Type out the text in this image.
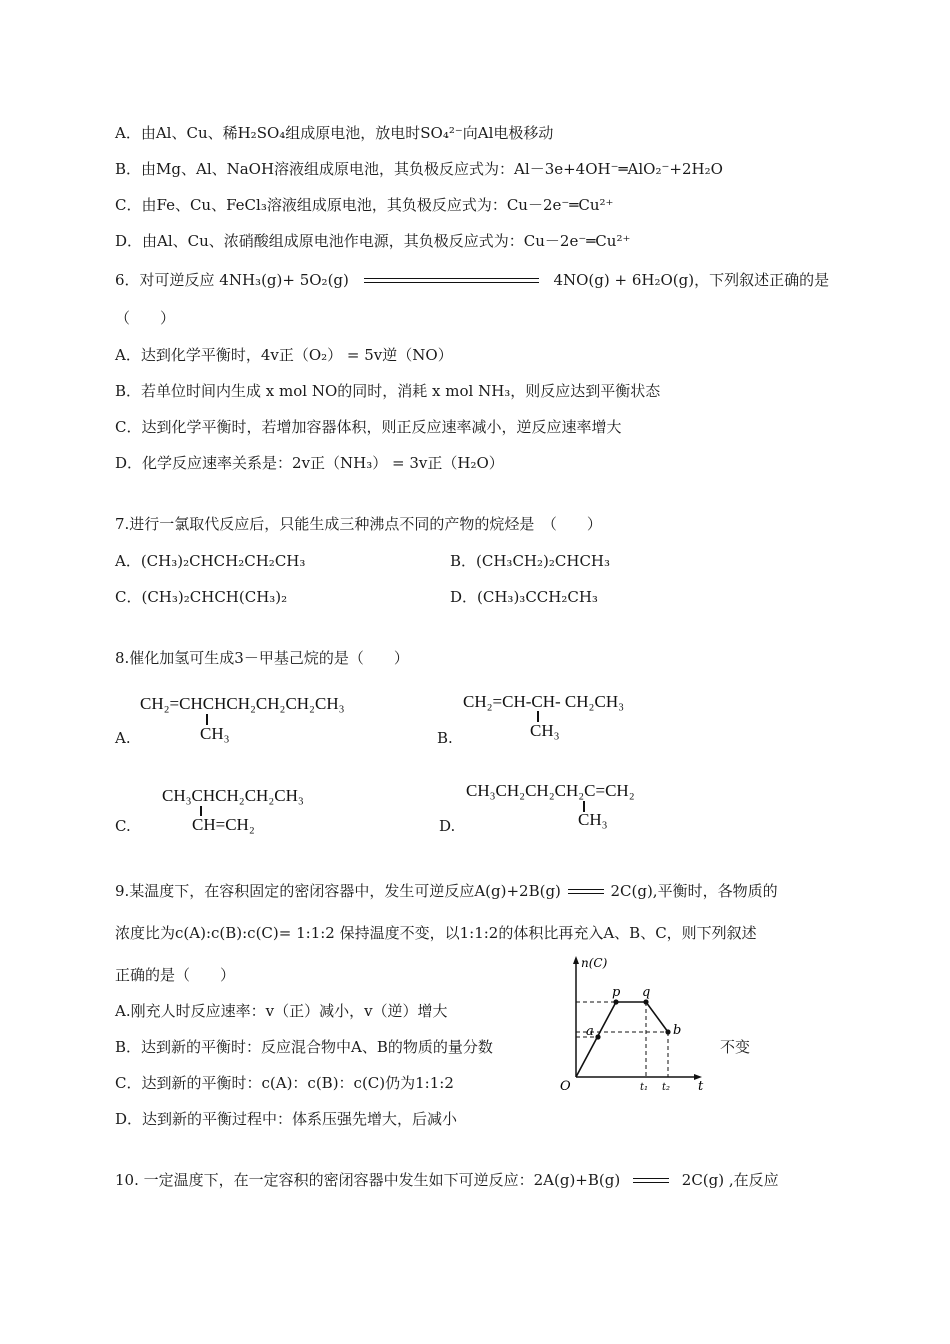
A．由Al、Cu、稀H₂SO₄组成原电池，放电时SO₄²⁻向Al电极移动
B．由Mg、Al、NaOH溶液组成原电池，其负极反应式为：Al－3e+4OH⁻═AlO₂⁻+2H₂O
C．由Fe、Cu、FeCl₃溶液组成原电池，其负极反应式为：Cu－2e⁻═Cu²⁺
D．由Al、Cu、浓硝酸组成原电池作电源，其负极反应式为：Cu－2e⁻═Cu²⁺
6．对可逆反应 4NH₃(g)+ 5O₂(g)	4NO(g) + 6H₂O(g)，下列叙述正确的是
（　　）
A．达到化学平衡时，4v正（O₂） = 5v逆（NO）
B．若单位时间内生成 x mol NO的同时，消耗 x mol NH₃，则反应达到平衡状态
C．达到化学平衡时，若增加容器体积，则正反应速率减小，逆反应速率增大
D．化学反应速率关系是：2v正（NH₃） = 3v正（H₂O）
7.进行一氯取代反应后，只能生成三种沸点不同的产物的烷烃是　（　　）
A．(CH₃)₂CHCH₂CH₂CH₃	B．(CH₃CH₂)₂CHCH₃
C．(CH₃)₂CHCH(CH₃)₂	D．(CH₃)₃CCH₂CH₃
8.催化加氢可生成3－甲基己烷的是（　　）
A.
CH₂=CHCHCH₂CH₂CH₂CH₃
CH₃	B.
CH₂=CH-CH- CH₂CH₃
CH₃
C.
CH₃CHCH₂CH₂CH₃
CH=CH₂	D.
CH₃CH₂CH₂CH₂C=CH₂
CH₃
9.某温度下，在容积固定的密闭容器中，发生可逆反应A(g)+2B(g)	2C(g),平衡时，各物质的
浓度比为c(A):c(B):c(C)= 1:1:2 保持温度不变，以1:1:2的体积比再充入A、B、C，则下列叙述
正确的是（　　）
A.刚充人时反应速率：v（正）减小，v（逆）增大
B．达到新的平衡时：反应混合物中A、B的物质的量分数	不变
C．达到新的平衡时：c(A)：c(B)：c(C)仍为1:1:2
D．达到新的平衡过程中：体系压强先增大，后减小
n(C)
t
O
p q
a	b
t₁ t₂
10. 一定温度下，在一定容积的密闭容器中发生如下可逆反应：2A(g)+B(g)	2C(g) ,在反应
